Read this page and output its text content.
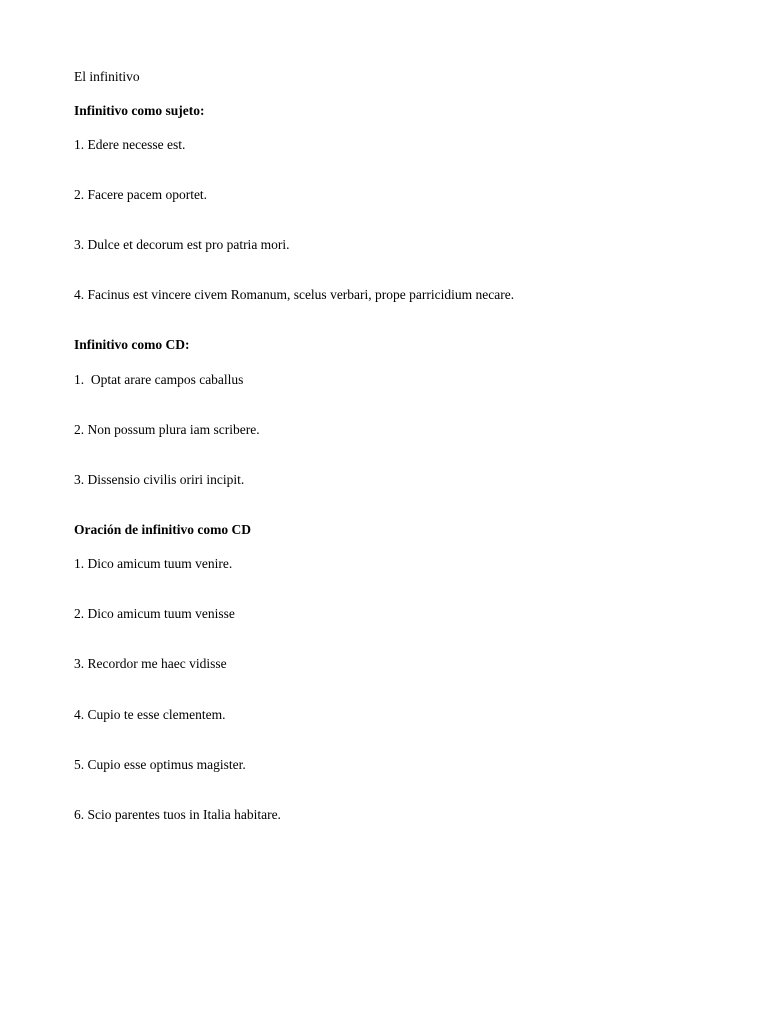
El infinitivo
Infinitivo como sujeto:
1. Edere necesse est.
2. Facere pacem oportet.
3. Dulce et decorum est pro patria mori.
4. Facinus est vincere civem Romanum, scelus verbari, prope parricidium necare.
Infinitivo como CD:
1.  Optat arare campos caballus
2. Non possum plura iam scribere.
3. Dissensio civilis oriri incipit.
Oración de infinitivo como CD
1. Dico amicum tuum venire.
2. Dico amicum tuum venisse
3. Recordor me haec vidisse
4. Cupio te esse clementem.
5. Cupio esse optimus magister.
6. Scio parentes tuos in Italia habitare.
